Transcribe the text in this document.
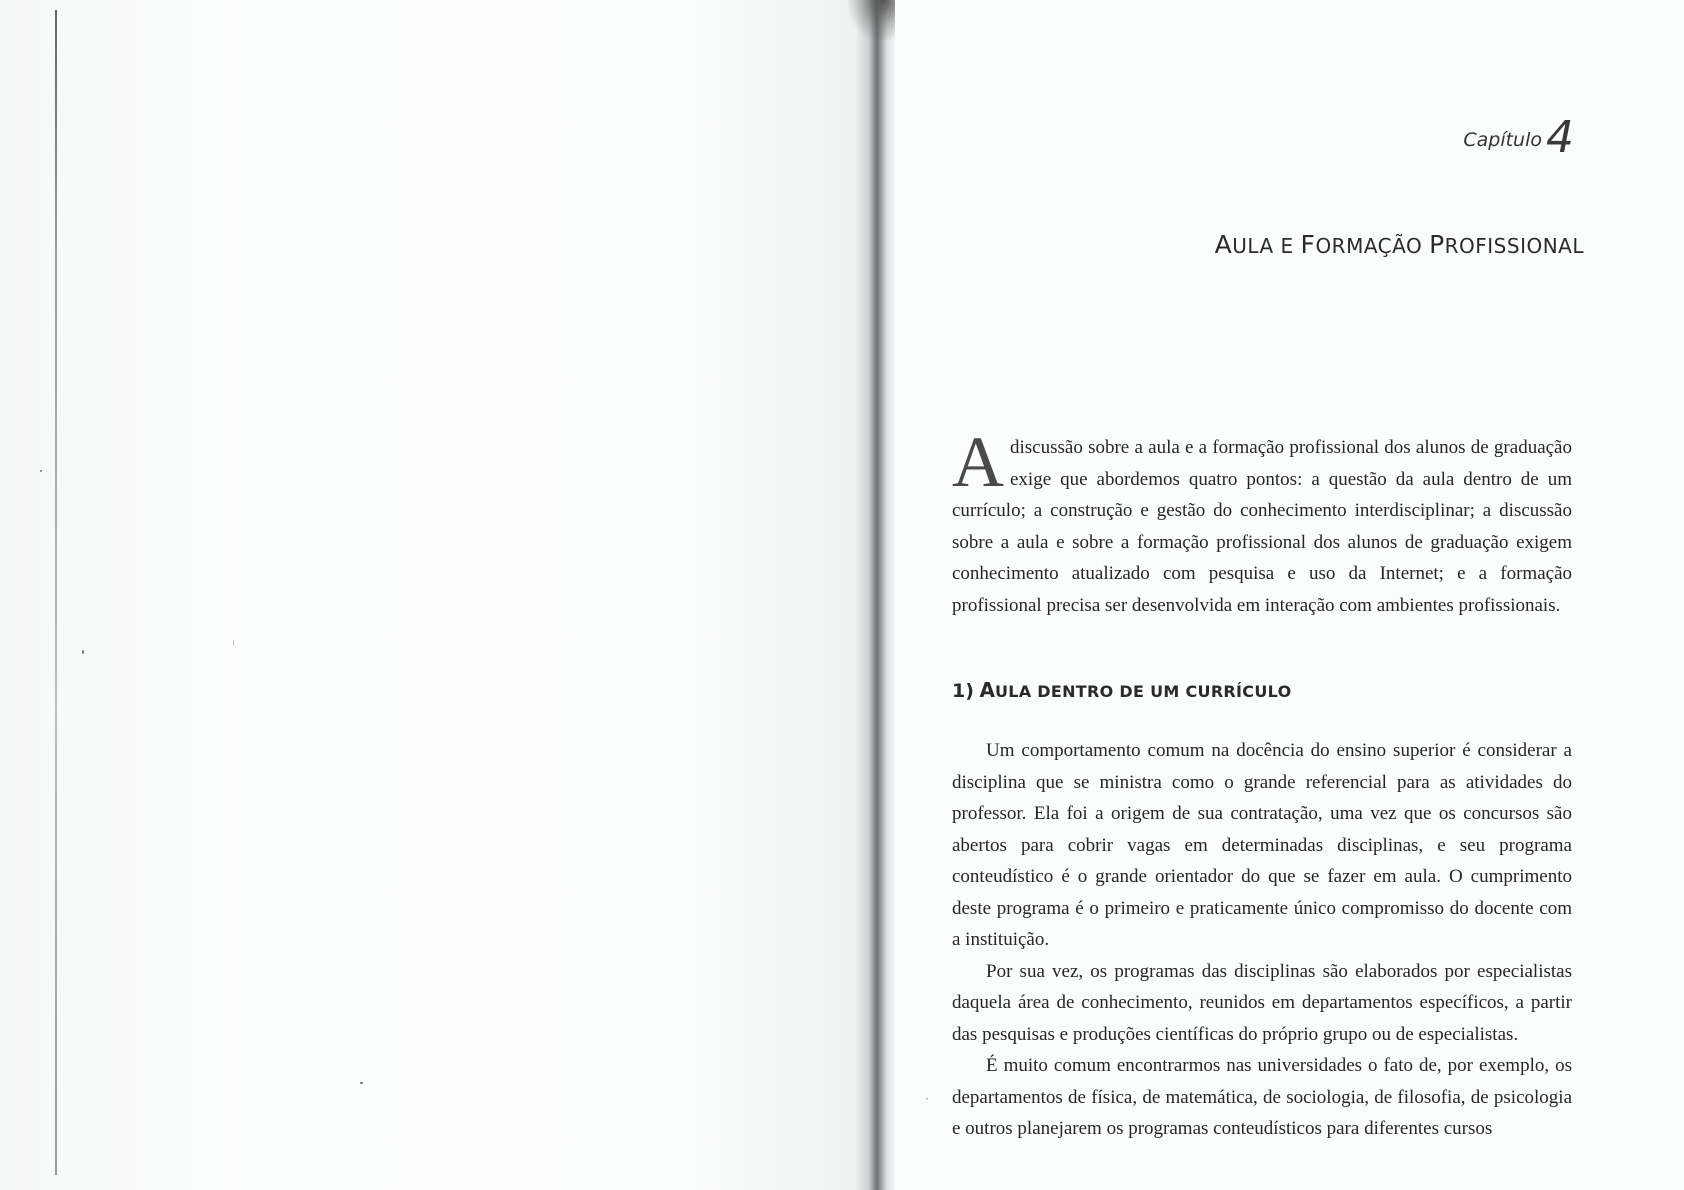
Capítulo4
AULA E FORMAÇÃO PROFISSIONAL
Adiscussão sobre a aula e a formação profissional dos alunos de graduação exige que abordemos quatro pontos: a questão da aula dentro de um currículo; a construção e gestão do conhecimento interdisciplinar; a discussão sobre a aula e sobre a formação profissional dos alunos de graduação exigem conhecimento atualizado com pesquisa e uso da Internet; e a formação profissional precisa ser desenvolvida em interação com ambientes profissionais.
1) AULA DENTRO DE UM CURRÍCULO

Um comportamento comum na docência do ensino superior é considerar a disciplina que se ministra como o grande referencial para as atividades do professor. Ela foi a origem de sua contratação, uma vez que os concursos são abertos para cobrir vagas em determinadas disciplinas, e seu programa conteudístico é o grande orientador do que se fazer em aula. O cumprimento deste programa é o primeiro e praticamente único compromisso do docente com a instituição.

Por sua vez, os programas das disciplinas são elaborados por especialistas daquela área de conhecimento, reunidos em departamentos específicos, a partir das pesquisas e produções científicas do próprio grupo ou de especialistas.

É muito comum encontrarmos nas universidades o fato de, por exemplo, os departamentos de física, de matemática, de sociologia, de filosofia, de psicologia e outros planejarem os programas conteudísticos para diferentes cursos

·
